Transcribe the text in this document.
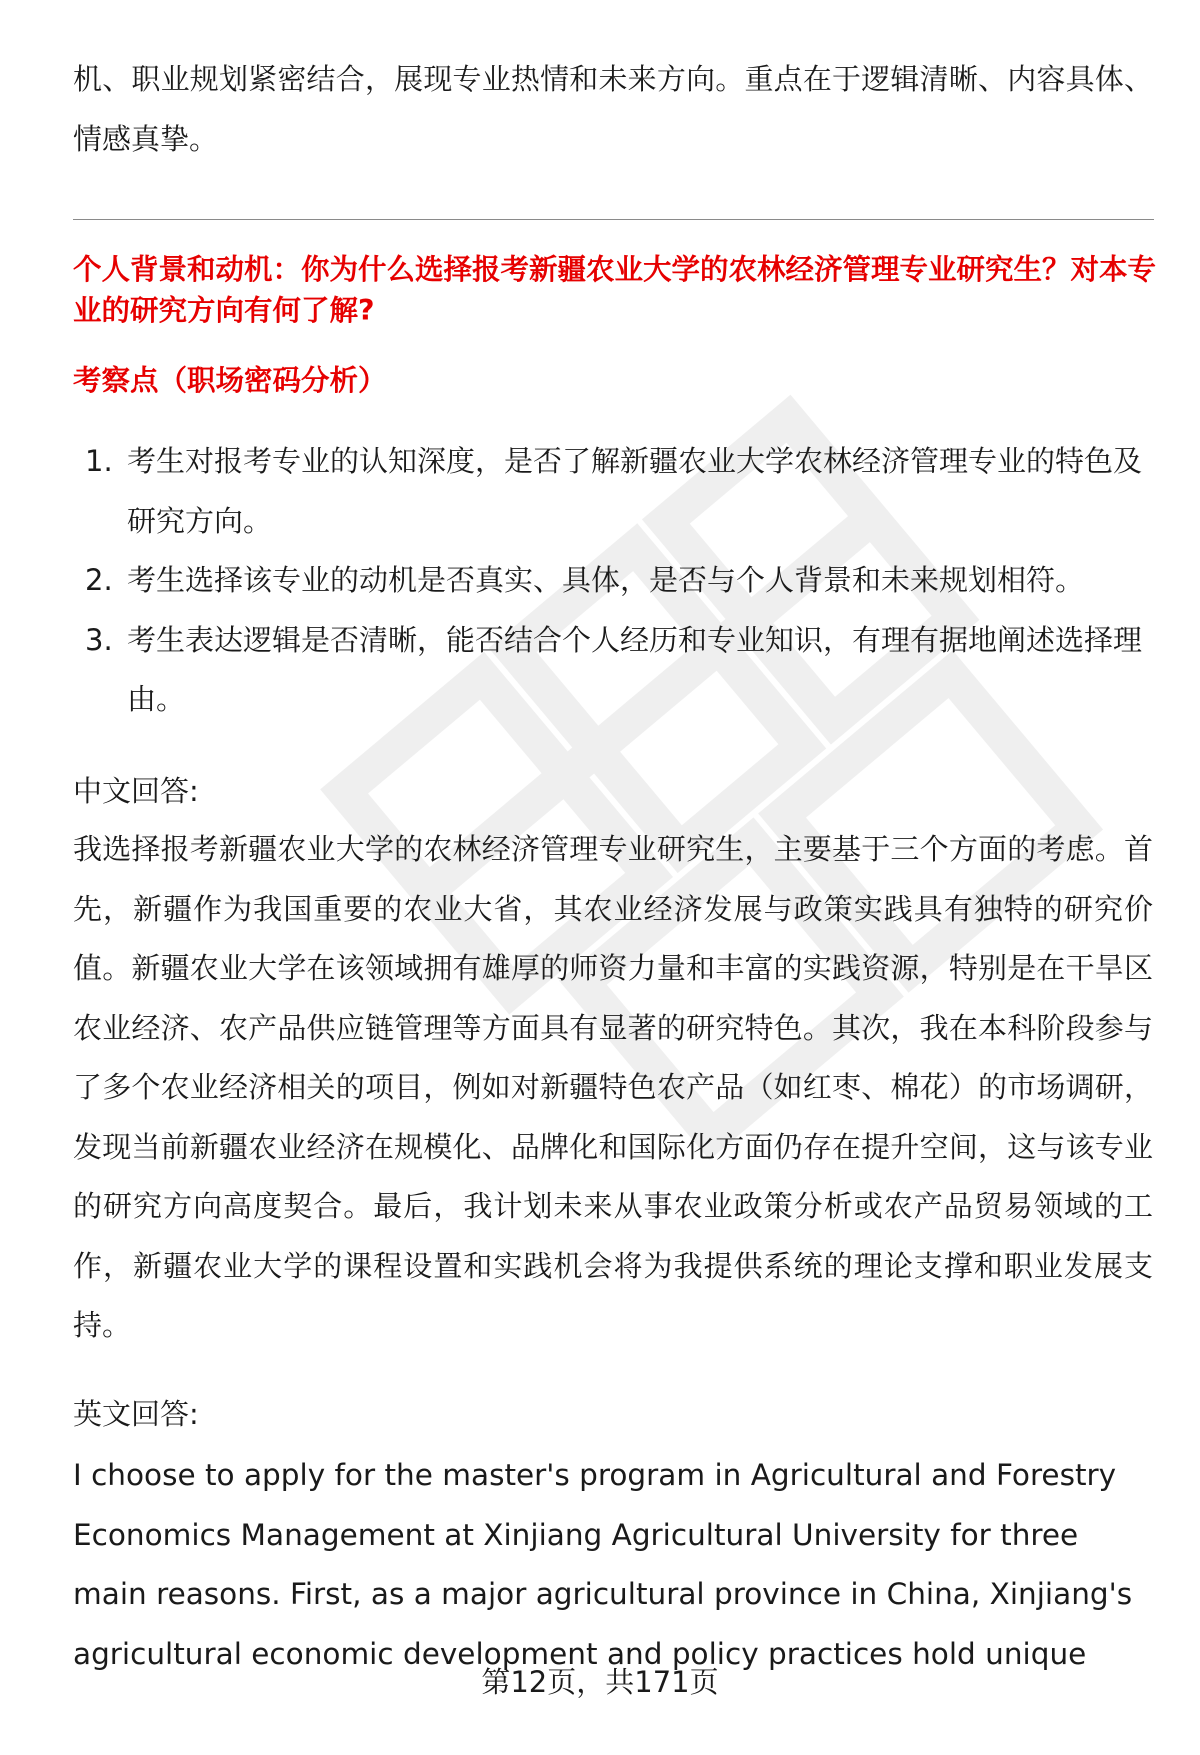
机、职业规划紧密结合，展现专业热情和未来方向。重点在于逻辑清晰、内容具体、情感真挚。

个人背景和动机：你为什么选择报考新疆农业大学的农林经济管理专业研究生？对本专业的研究方向有何了解?
考察点（职场密码分析）
1. 考生对报考专业的认知深度，是否了解新疆农业大学农林经济管理专业的特色及研究方向。
2. 考生选择该专业的动机是否真实、具体，是否与个人背景和未来规划相符。
3. 考生表达逻辑是否清晰，能否结合个人经历和专业知识，有理有据地阐述选择理由。

中文回答:

我选择报考新疆农业大学的农林经济管理专业研究生，主要基于三个方面的考虑。首先，新疆作为我国重要的农业大省，其农业经济发展与政策实践具有独特的研究价值。新疆农业大学在该领域拥有雄厚的师资力量和丰富的实践资源，特别是在干旱区农业经济、农产品供应链管理等方面具有显著的研究特色。其次，我在本科阶段参与了多个农业经济相关的项目，例如对新疆特色农产品（如红枣、棉花）的市场调研，发现当前新疆农业经济在规模化、品牌化和国际化方面仍存在提升空间，这与该专业的研究方向高度契合。最后，我计划未来从事农业政策分析或农产品贸易领域的工作，新疆农业大学的课程设置和实践机会将为我提供系统的理论支撑和职业发展支持。

英文回答:

I choose to apply for the master's program in Agricultural and Forestry Economics Management at Xinjiang Agricultural University for three main reasons. First, as a major agricultural province in China, Xinjiang's agricultural economic development and policy practices hold unique

第12页，共171页
